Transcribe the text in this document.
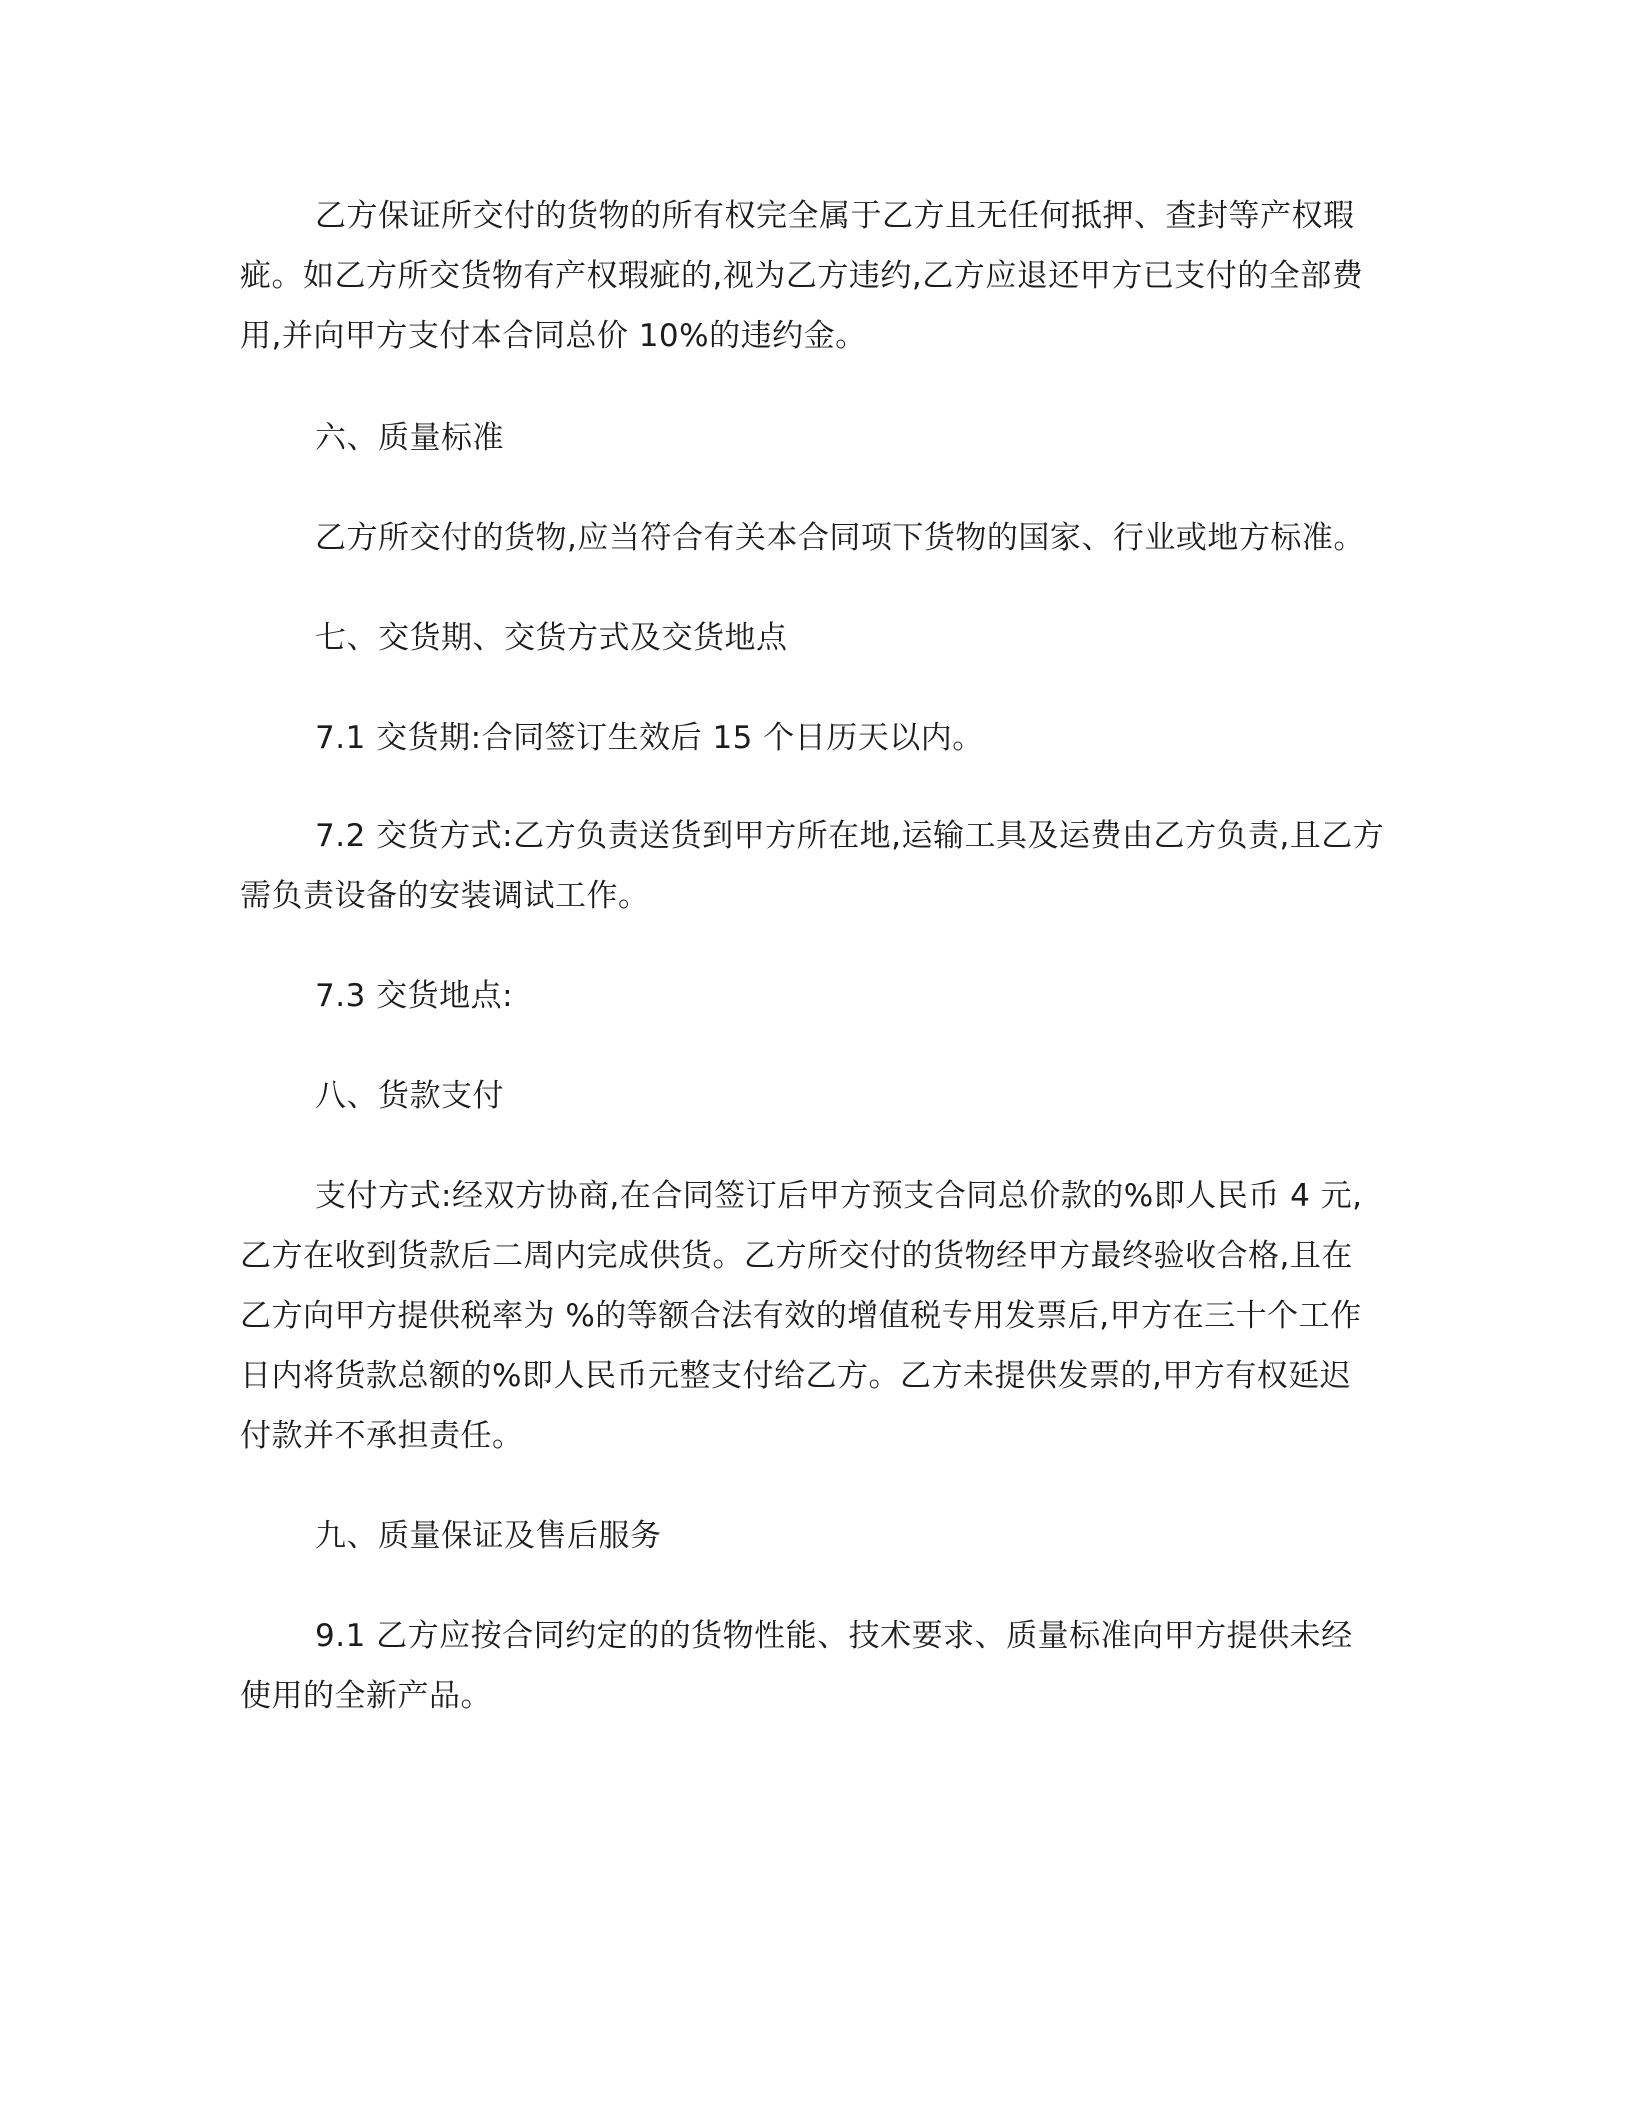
乙方保证所交付的货物的所有权完全属于乙方且无任何抵押、查封等产权瑕
疵。如乙方所交货物有产权瑕疵的,视为乙方违约,乙方应退还甲方已支付的全部费
用,并向甲方支付本合同总价 10%的违约金。
六、质量标准
乙方所交付的货物,应当符合有关本合同项下货物的国家、行业或地方标准。
七、交货期、交货方式及交货地点
7.1 交货期:合同签订生效后 15 个日历天以内。
7.2 交货方式:乙方负责送货到甲方所在地,运输工具及运费由乙方负责,且乙方
需负责设备的安装调试工作。
7.3 交货地点:
八、货款支付
支付方式:经双方协商,在合同签订后甲方预支合同总价款的%即人民币 4 元,
乙方在收到货款后二周内完成供货。乙方所交付的货物经甲方最终验收合格,且在
乙方向甲方提供税率为 %的等额合法有效的增值税专用发票后,甲方在三十个工作
日内将货款总额的%即人民币元整支付给乙方。乙方未提供发票的,甲方有权延迟
付款并不承担责任。
九、质量保证及售后服务
9.1 乙方应按合同约定的的货物性能、技术要求、质量标准向甲方提供未经
使用的全新产品。
